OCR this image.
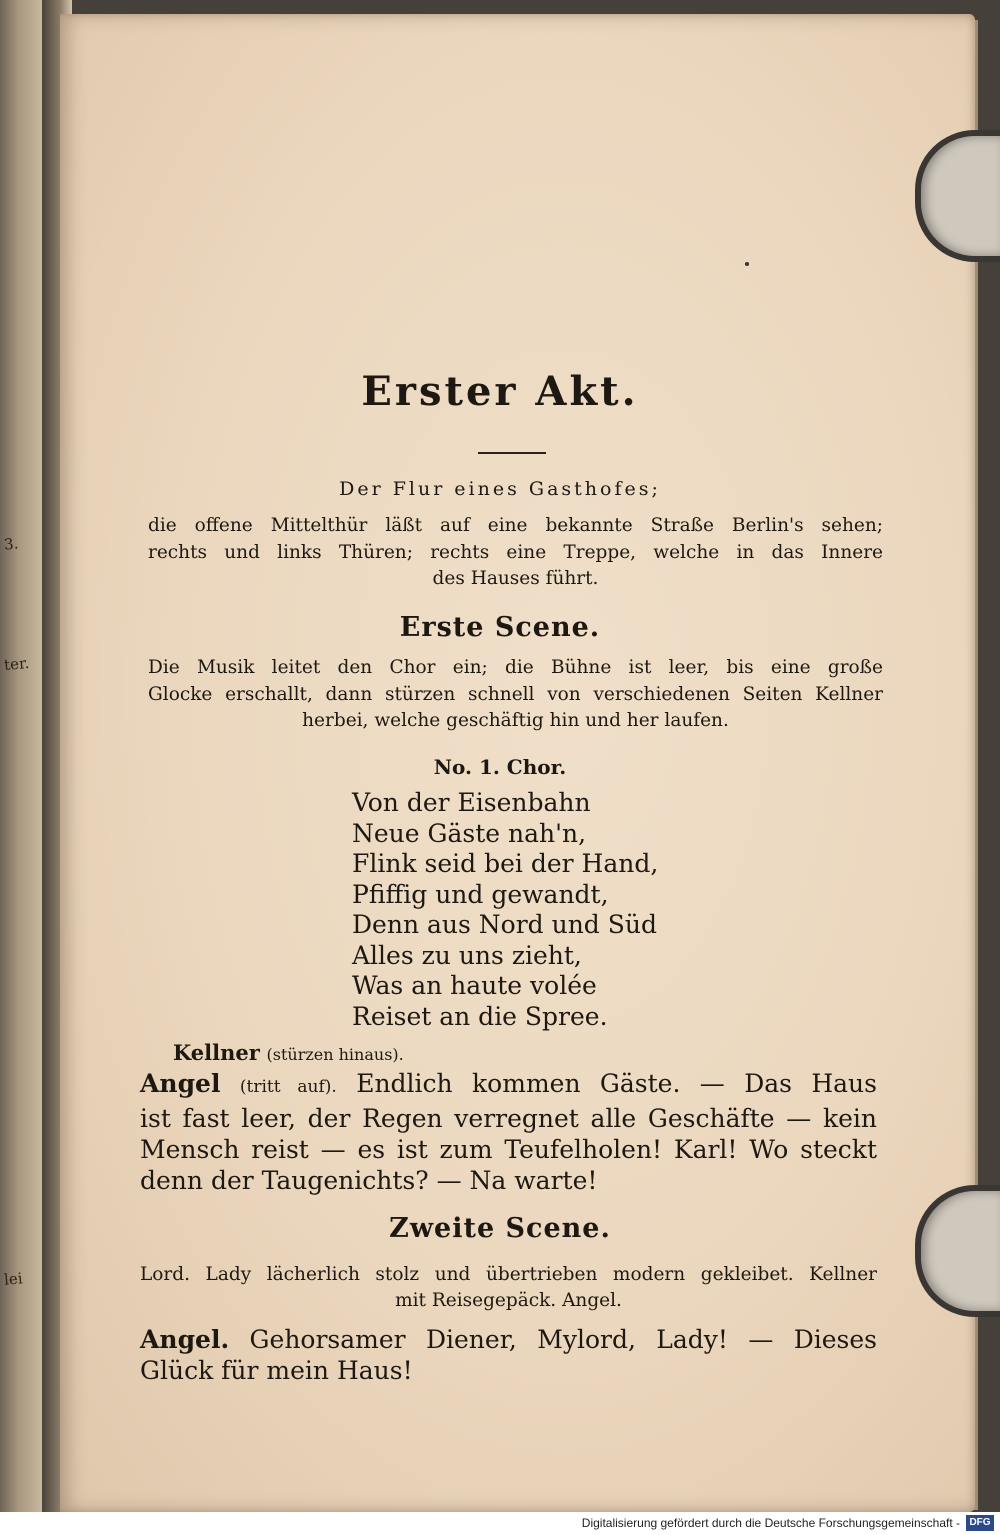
3.
ter.
lei
Erster Akt.
Der Flur eines Gasthofes;
die offene Mittelthür läßt auf eine bekannte Straße Berlin's sehen;
rechts und links Thüren; rechts eine Treppe, welche in das Innere
des Hauses führt.
Erste Scene.
Die Musik leitet den Chor ein; die Bühne ist leer, bis eine große
Glocke erschallt, dann stürzen schnell von verschiedenen Seiten Kellner
herbei, welche geschäftig hin und her laufen.
No. 1. Chor.
Von der Eisenbahn
Neue Gäste nah'n,
Flink seid bei der Hand,
Pfiffig und gewandt,
Denn aus Nord und Süd
Alles zu uns zieht,
Was an haute volée
Reiset an die Spree.
Kellner (stürzen hinaus).
Angel (tritt auf). Endlich kommen Gäste. — Das Haus
ist fast leer, der Regen verregnet alle Geschäfte — kein
Mensch reist — es ist zum Teufelholen! Karl! Wo steckt
denn der Taugenichts? — Na warte!
Zweite Scene.
Lord. Lady lächerlich stolz und übertrieben modern gekleibet. Kellner
mit Reisegepäck. Angel.
Angel. Gehorsamer Diener, Mylord, Lady! — Dieses
Glück für mein Haus!
Digitalisierung gefördert durch die Deutsche Forschungsgemeinschaft - DFG
